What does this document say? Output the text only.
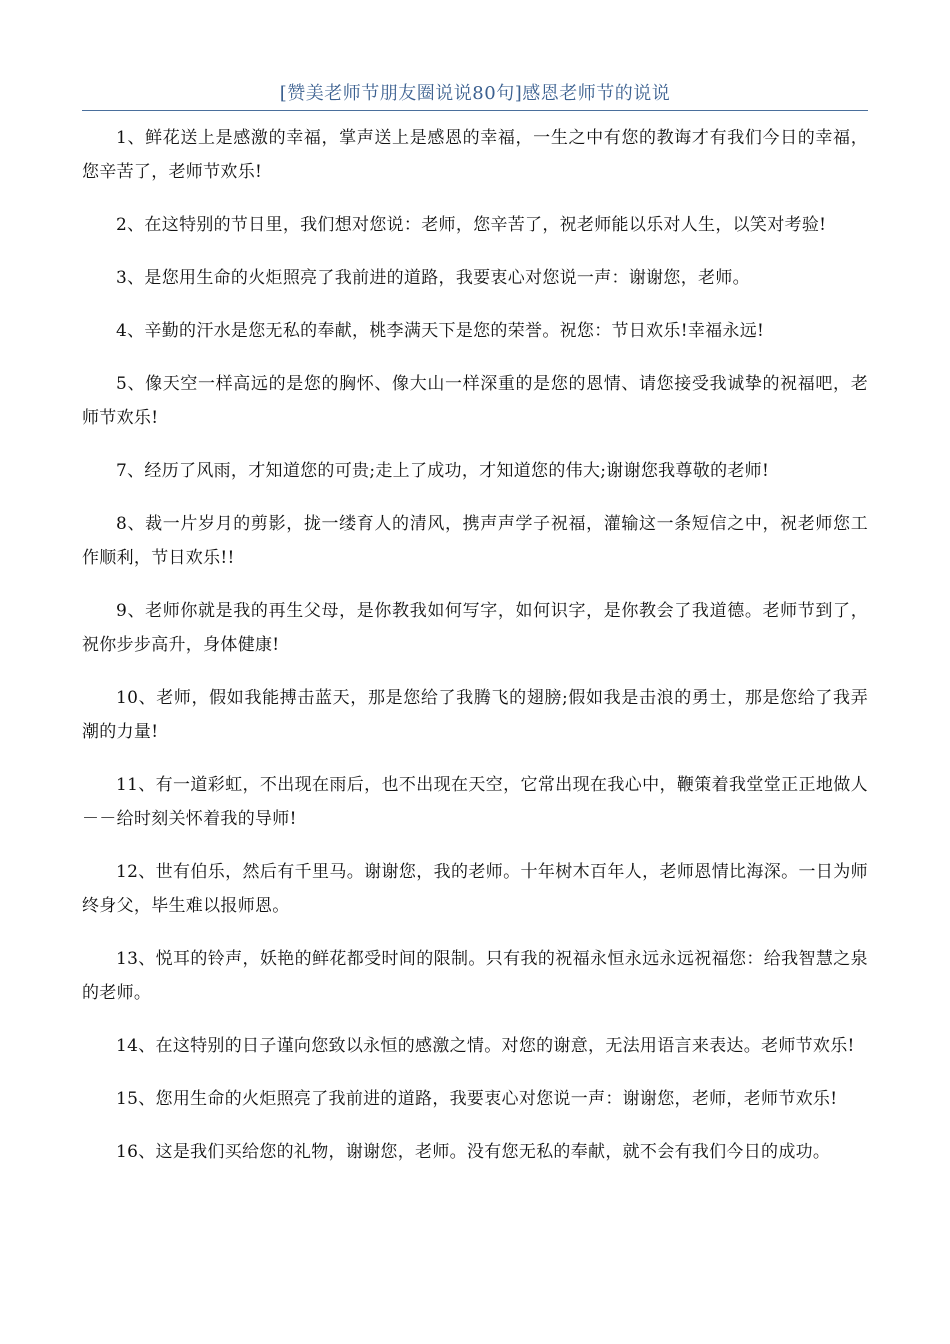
[赞美老师节朋友圈说说80句]感恩老师节的说说

1、鲜花送上是感激的幸福，掌声送上是感恩的幸福，一生之中有您的教诲才有我们今日的幸福，您辛苦了，老师节欢乐!

2、在这特别的节日里，我们想对您说：老师，您辛苦了，祝老师能以乐对人生，以笑对考验!

3、是您用生命的火炬照亮了我前进的道路，我要衷心对您说一声：谢谢您，老师。

4、辛勤的汗水是您无私的奉献，桃李满天下是您的荣誉。祝您：节日欢乐!幸福永远!

5、像天空一样高远的是您的胸怀、像大山一样深重的是您的恩情、请您接受我诚挚的祝福吧，老师节欢乐!

7、经历了风雨，才知道您的可贵;走上了成功，才知道您的伟大;谢谢您我尊敬的老师!

8、裁一片岁月的剪影，拢一缕育人的清风，携声声学子祝福，灌输这一条短信之中，祝老师您工作顺利，节日欢乐!!

9、老师你就是我的再生父母，是你教我如何写字，如何识字，是你教会了我道德。老师节到了，祝你步步高升，身体健康!

10、老师，假如我能搏击蓝天，那是您给了我腾飞的翅膀;假如我是击浪的勇士，那是您给了我弄潮的力量!

11、有一道彩虹，不出现在雨后，也不出现在天空，它常出现在我心中，鞭策着我堂堂正正地做人－－给时刻关怀着我的导师!

12、世有伯乐，然后有千里马。谢谢您，我的老师。十年树木百年人，老师恩情比海深。一日为师终身父，毕生难以报师恩。

13、悦耳的铃声，妖艳的鲜花都受时间的限制。只有我的祝福永恒永远永远祝福您：给我智慧之泉的老师。

14、在这特别的日子谨向您致以永恒的感激之情。对您的谢意，无法用语言来表达。老师节欢乐!

15、您用生命的火炬照亮了我前进的道路，我要衷心对您说一声：谢谢您，老师，老师节欢乐!

16、这是我们买给您的礼物，谢谢您，老师。没有您无私的奉献，就不会有我们今日的成功。
